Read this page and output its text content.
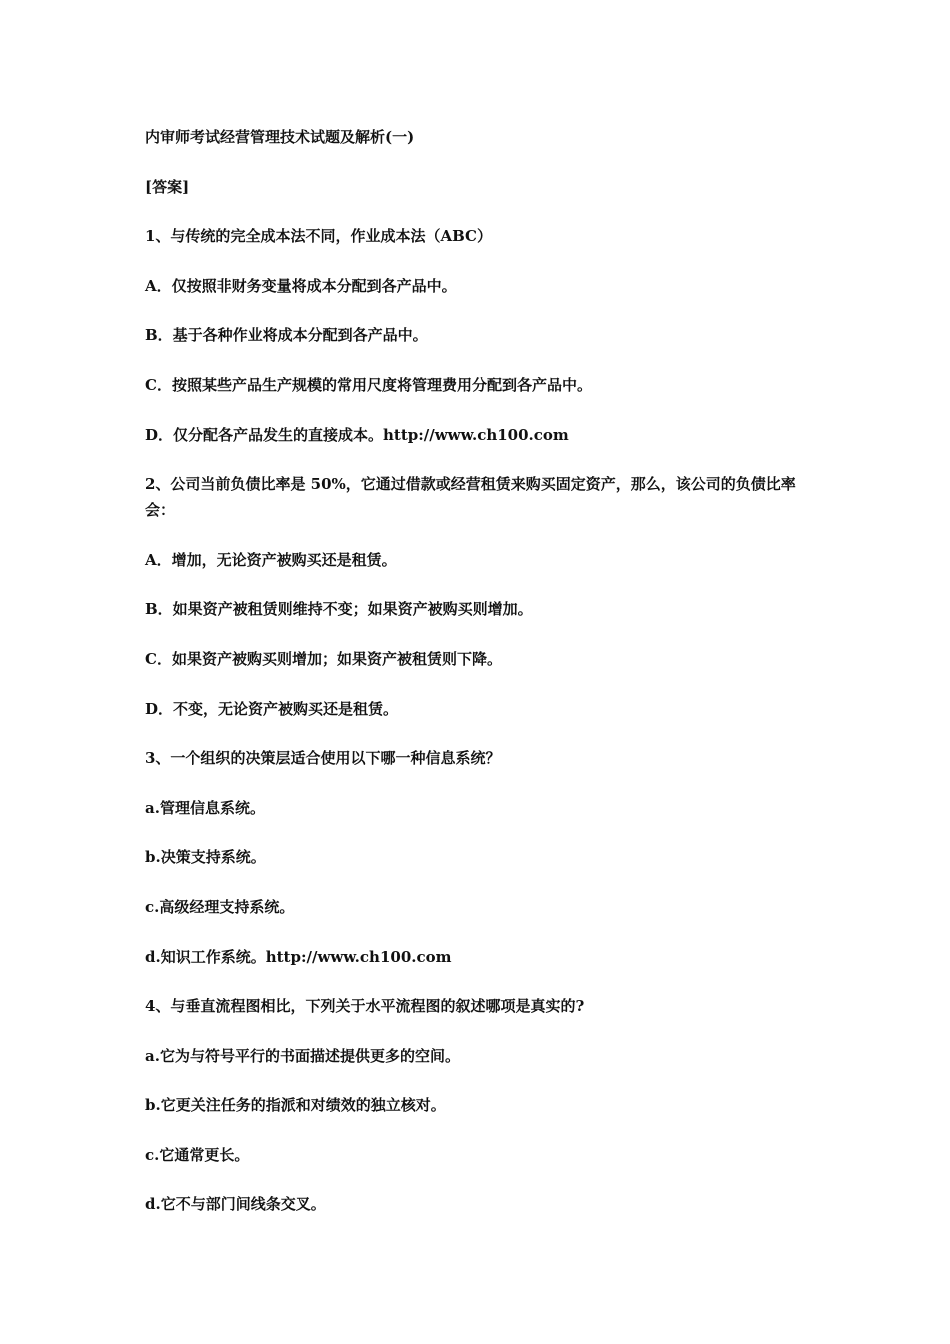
内审师考试经营管理技术试题及解析(一)

[答案]

1、与传统的完全成本法不同，作业成本法（ABC）

A．仅按照非财务变量将成本分配到各产品中。

B．基于各种作业将成本分配到各产品中。

C．按照某些产品生产规模的常用尺度将管理费用分配到各产品中。

D．仅分配各产品发生的直接成本。http://www.ch100.com

2、公司当前负债比率是 50%，它通过借款或经营租赁来购买固定资产，那么，该公司的负债比率会：

A．增加，无论资产被购买还是租赁。

B．如果资产被租赁则维持不变；如果资产被购买则增加。

C．如果资产被购买则增加；如果资产被租赁则下降。

D．不变，无论资产被购买还是租赁。

3、一个组织的决策层适合使用以下哪一种信息系统？

a.管理信息系统。

b.决策支持系统。

c.高级经理支持系统。

d.知识工作系统。http://www.ch100.com

4、与垂直流程图相比，下列关于水平流程图的叙述哪项是真实的?

a.它为与符号平行的书面描述提供更多的空间。

b.它更关注任务的指派和对绩效的独立核对。

c.它通常更长。

d.它不与部门间线条交叉。
